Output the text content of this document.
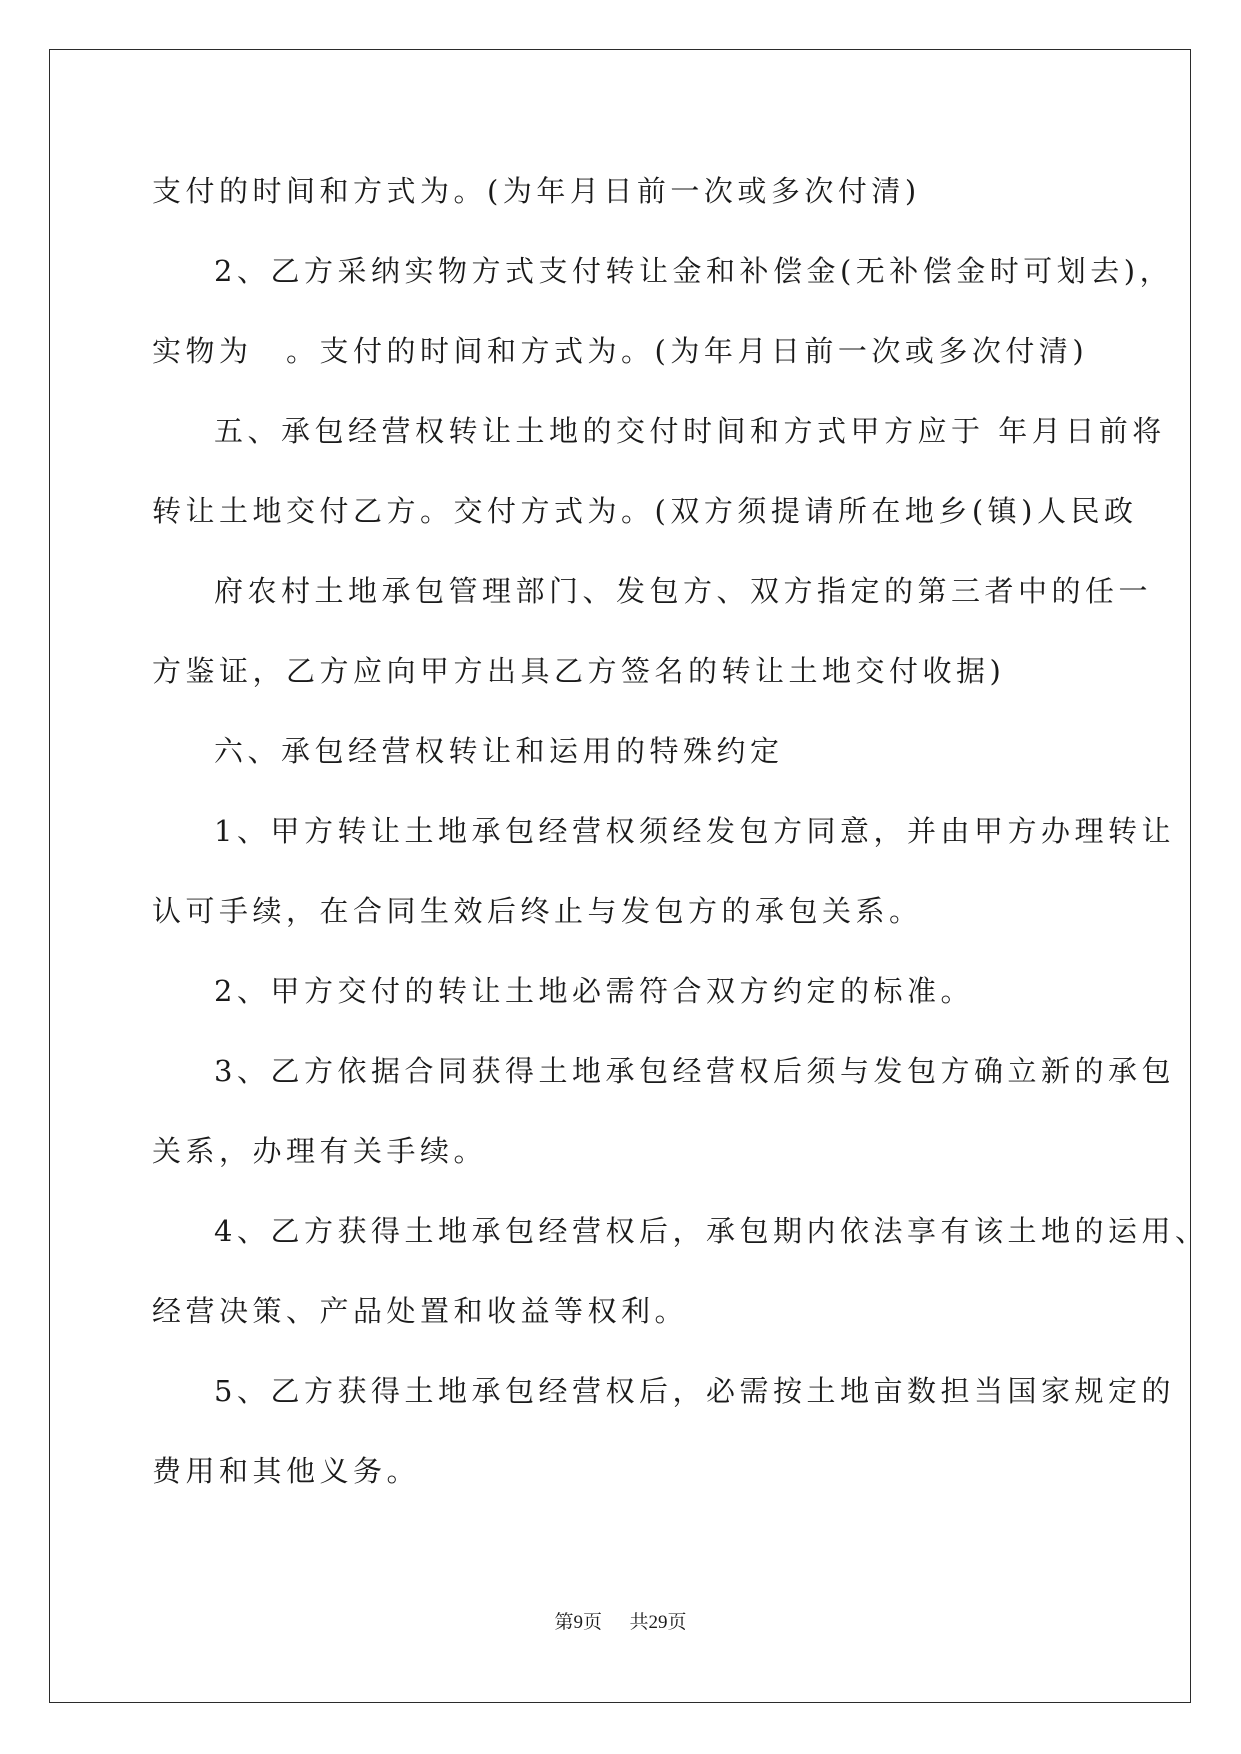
支付的时间和方式为。(为年月日前一次或多次付清)
2、乙方采纳实物方式支付转让金和补偿金(无补偿金时可划去)，
实物为　。支付的时间和方式为。(为年月日前一次或多次付清)
五、承包经营权转让土地的交付时间和方式甲方应于 年月日前将
转让土地交付乙方。交付方式为。(双方须提请所在地乡(镇)人民政
府农村土地承包管理部门、发包方、双方指定的第三者中的任一
方鉴证，乙方应向甲方出具乙方签名的转让土地交付收据)
六、承包经营权转让和运用的特殊约定
1、甲方转让土地承包经营权须经发包方同意，并由甲方办理转让
认可手续，在合同生效后终止与发包方的承包关系。
2、甲方交付的转让土地必需符合双方约定的标准。
3、乙方依据合同获得土地承包经营权后须与发包方确立新的承包
关系，办理有关手续。
4、乙方获得土地承包经营权后，承包期内依法享有该土地的运用、
经营决策、产品处置和收益等权利。
5、乙方获得土地承包经营权后，必需按土地亩数担当国家规定的
费用和其他义务。
第9页 共29页
